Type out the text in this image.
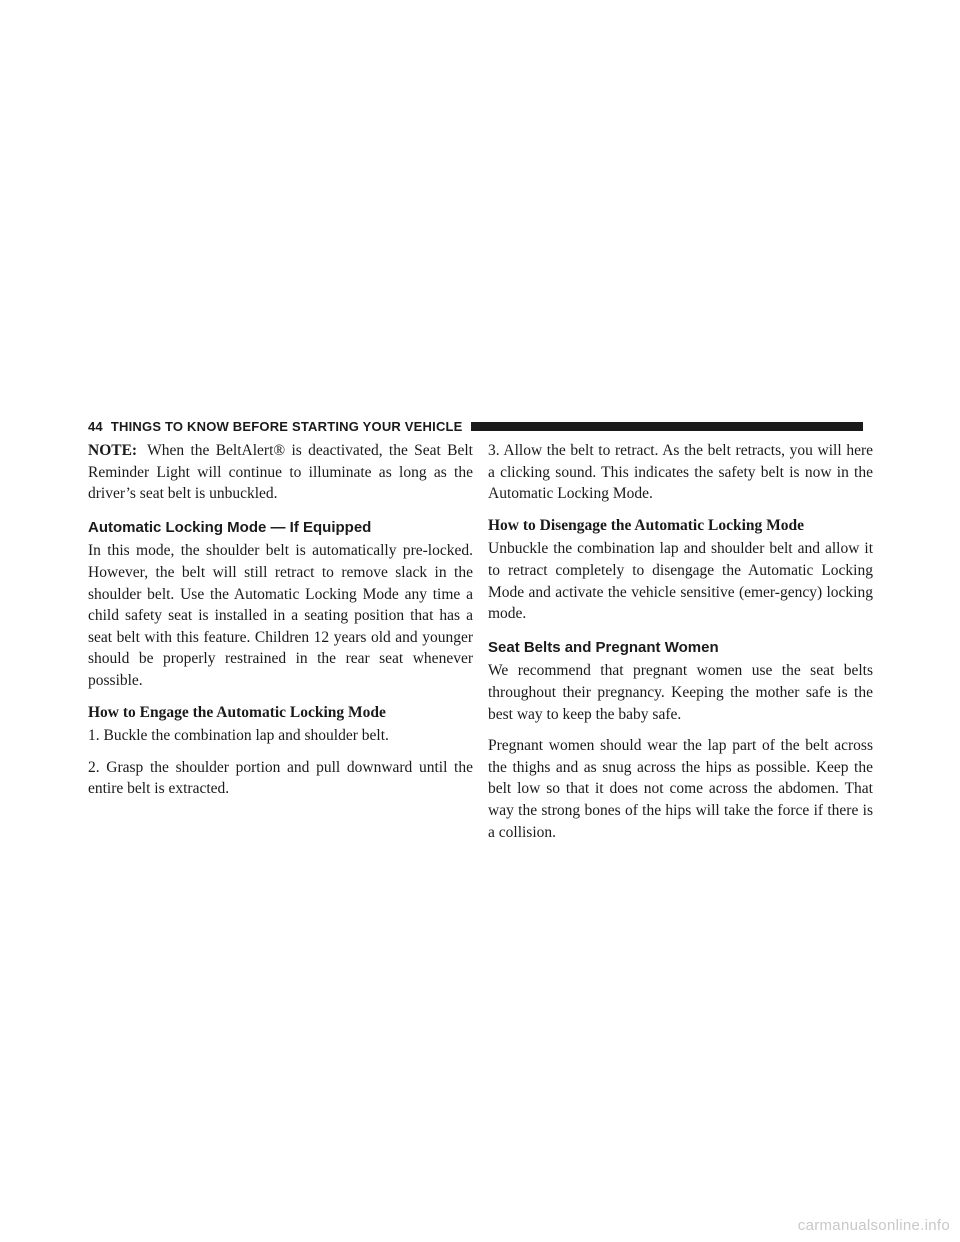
44 THINGS TO KNOW BEFORE STARTING YOUR VEHICLE

NOTE: When the BeltAlert® is deactivated, the Seat Belt Reminder Light will continue to illuminate as long as the driver’s seat belt is unbuckled.

Automatic Locking Mode — If Equipped

In this mode, the shoulder belt is automatically pre-locked. However, the belt will still retract to remove slack in the shoulder belt. Use the Automatic Locking Mode any time a child safety seat is installed in a seating position that has a seat belt with this feature. Children 12 years old and younger should be properly restrained in the rear seat whenever possible.

How to Engage the Automatic Locking Mode

1. Buckle the combination lap and shoulder belt.

2. Grasp the shoulder portion and pull downward until the entire belt is extracted.

3. Allow the belt to retract. As the belt retracts, you will here a clicking sound. This indicates the safety belt is now in the Automatic Locking Mode.

How to Disengage the Automatic Locking Mode

Unbuckle the combination lap and shoulder belt and allow it to retract completely to disengage the Automatic Locking Mode and activate the vehicle sensitive (emer-gency) locking mode.

Seat Belts and Pregnant Women

We recommend that pregnant women use the seat belts throughout their pregnancy. Keeping the mother safe is the best way to keep the baby safe.

Pregnant women should wear the lap part of the belt across the thighs and as snug across the hips as possible. Keep the belt low so that it does not come across the abdomen. That way the strong bones of the hips will take the force if there is a collision.

carmanualsonline.info
